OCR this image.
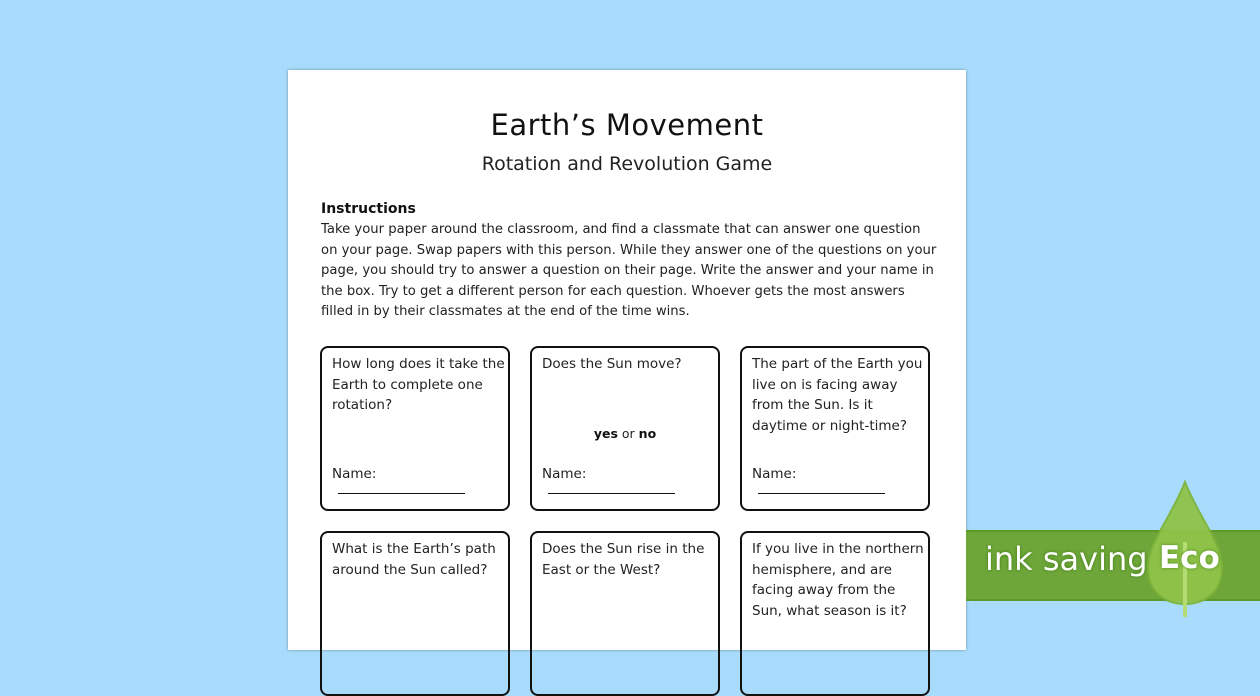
Earth’s Movement
Rotation and Revolution Game
Instructions
Take your paper around the classroom, and find a classmate that can answer one question on your page. Swap papers with this person. While they answer one of the questions on your page, you should try to answer a question on their page. Write the answer and your name in the box. Try to get a different person for each question. Whoever gets the most answers filled in by their classmates at the end of the time wins.
How long does it take the Earth to complete one rotation?
Name:
Does the Sun move?
yes or no
Name:
The part of the Earth you live on is facing away from the Sun. Is it daytime or night-time?
Name:
What is the Earth’s path around the Sun called?
Does the Sun rise in the East or the West?
If you live in the northern hemisphere, and are facing away from the Sun, what season is it?
ink saving Eco
